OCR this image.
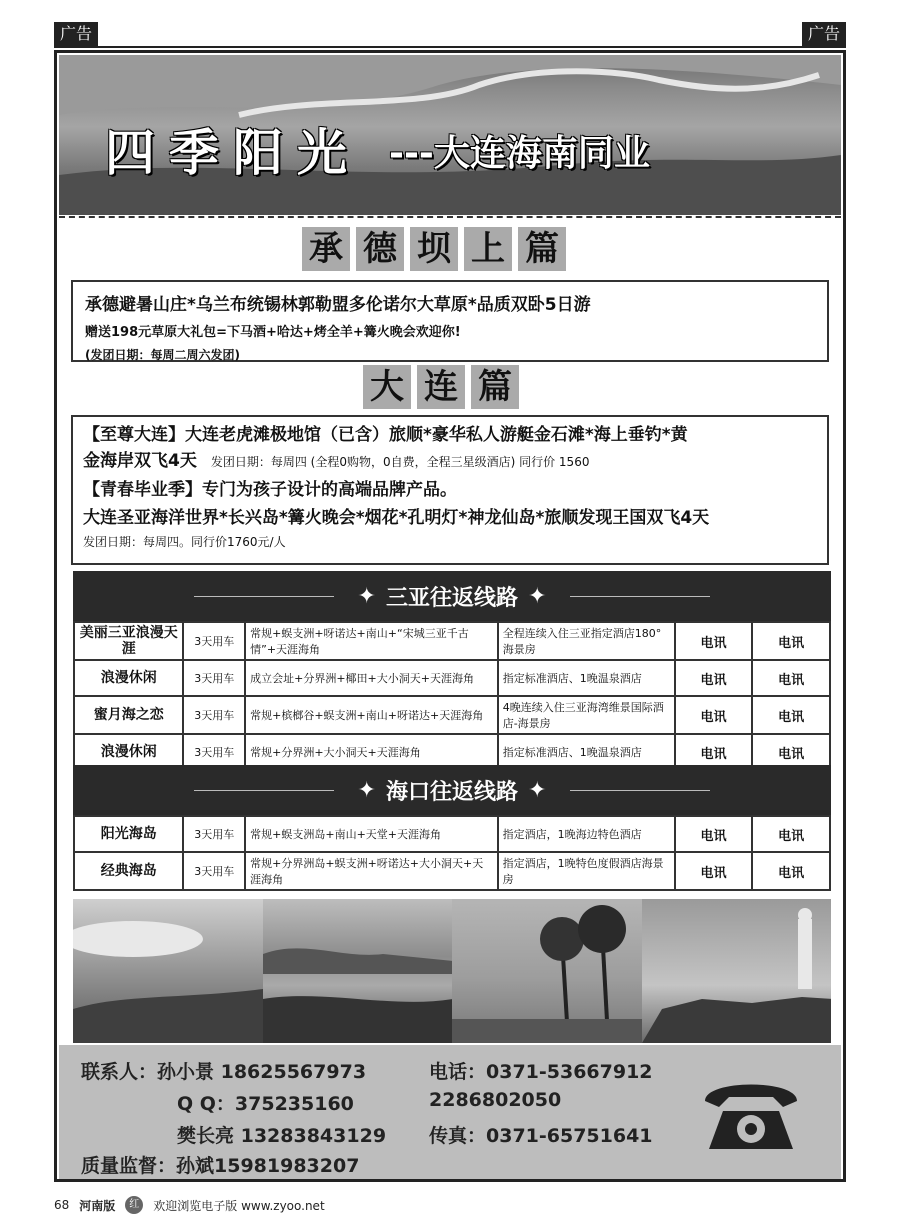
广告	广告
四季阳光 ---大连海南同业
承 德 坝 上 篇
承德避暑山庄*乌兰布统锡林郭勒盟多伦诺尔大草原*品质双卧5日游
赠送198元草原大礼包=下马酒+哈达+烤全羊+篝火晚会欢迎你!
(发团日期：每周二周六发团)
大 连 篇
【至尊大连】大连老虎滩极地馆（已含）旅顺*豪华私人游艇金石滩*海上垂钓*黄
金海岸双飞4天 发团日期：每周四 (全程0购物，0自费，全程三星级酒店) 同行价 1560
【青春毕业季】专门为孩子设计的高端品牌产品。
大连圣亚海洋世界*长兴岛*篝火晚会*烟花*孔明灯*神龙仙岛*旅顺发现王国双飞4天
发团日期：每周四。同行价1760元/人
✦ 三亚往返线路 ✦
美丽三亚浪漫天涯	3天用车	常规+蜈支洲+呀诺达+南山+“宋城三亚千古情”+天涯海角	全程连续入住三亚指定酒店180° 海景房	电讯	电讯
浪漫休闲	3天用车	成立会址+分界洲+椰田+大小洞天+天涯海角	指定标准酒店、1晚温泉酒店	电讯	电讯
蜜月海之恋	3天用车	常规+槟榔谷+蜈支洲+南山+呀诺达+天涯海角	4晚连续入住三亚海湾维景国际酒店-海景房	电讯	电讯
浪漫休闲	3天用车	常规+分界洲+大小洞天+天涯海角	指定标准酒店、1晚温泉酒店	电讯	电讯
✦ 海口往返线路 ✦
阳光海岛	3天用车	常规+蜈支洲岛+南山+天堂+天涯海角	指定酒店，1晚海边特色酒店	电讯	电讯
经典海岛	3天用车	常规+分界洲岛+蜈支洲+呀诺达+大小洞天+天涯海角	指定酒店，1晚特色度假酒店海景房	电讯	电讯
联系人：孙小景 18625567973	电话：0371-53667912
Q Q：375235160	2286802050
樊长亮 13283843129 传真：0371-65751641
质量监督：孙斌15981983207
68 河南版	红	欢迎浏览电子版 www.zyoo.net
